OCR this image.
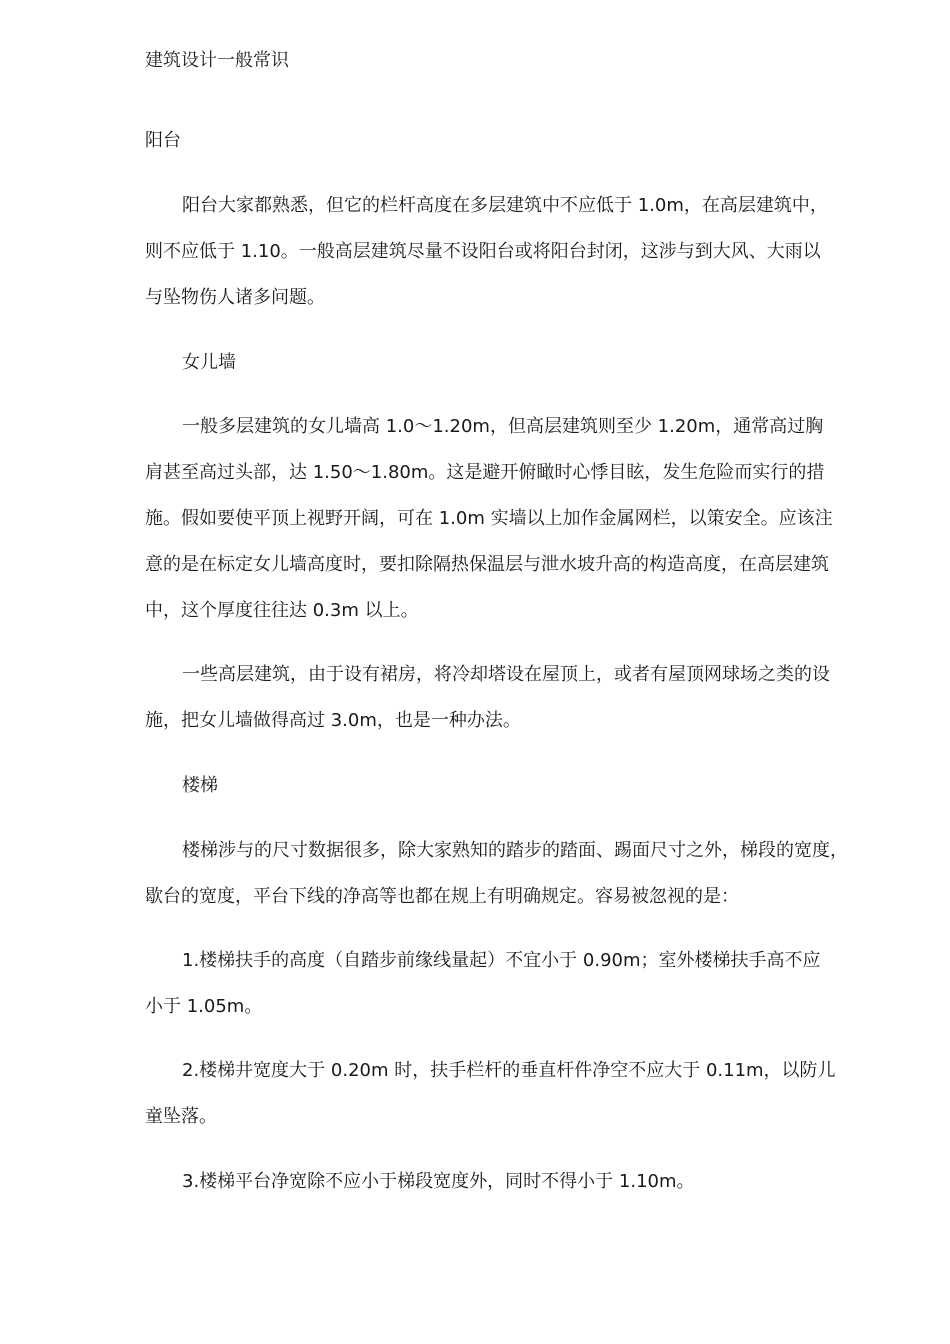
建筑设计一般常识
阳台
阳台大家都熟悉，但它的栏杆高度在多层建筑中不应低于 1.0m，在高层建筑中，
则不应低于 1.10。一般高层建筑尽量不设阳台或将阳台封闭，这涉与到大风、大雨以
与坠物伤人诸多问题。
女儿墙
一般多层建筑的女儿墙高 1.0～1.20m，但高层建筑则至少 1.20m，通常高过胸
肩甚至高过头部，达 1.50～1.80m。这是避开俯瞰时心悸目眩，发生危险而实行的措
施。假如要使平顶上视野开阔，可在 1.0m 实墙以上加作金属网栏，以策安全。应该注
意的是在标定女儿墙高度时，要扣除隔热保温层与泄水坡升高的构造高度，在高层建筑
中，这个厚度往往达 0.3m 以上。
一些高层建筑，由于设有裙房，将冷却塔设在屋顶上，或者有屋顶网球场之类的设
施，把女儿墙做得高过 3.0m，也是一种办法。
楼梯
楼梯涉与的尺寸数据很多，除大家熟知的踏步的踏面、踢面尺寸之外，梯段的宽度，
歇台的宽度，平台下线的净高等也都在规上有明确规定。容易被忽视的是：
1.楼梯扶手的高度（自踏步前缘线量起）不宜小于 0.90m；室外楼梯扶手高不应
小于 1.05m。
2.楼梯井宽度大于 0.20m 时，扶手栏杆的垂直杆件净空不应大于 0.11m，以防儿
童坠落。
3.楼梯平台净宽除不应小于梯段宽度外，同时不得小于 1.10m。
